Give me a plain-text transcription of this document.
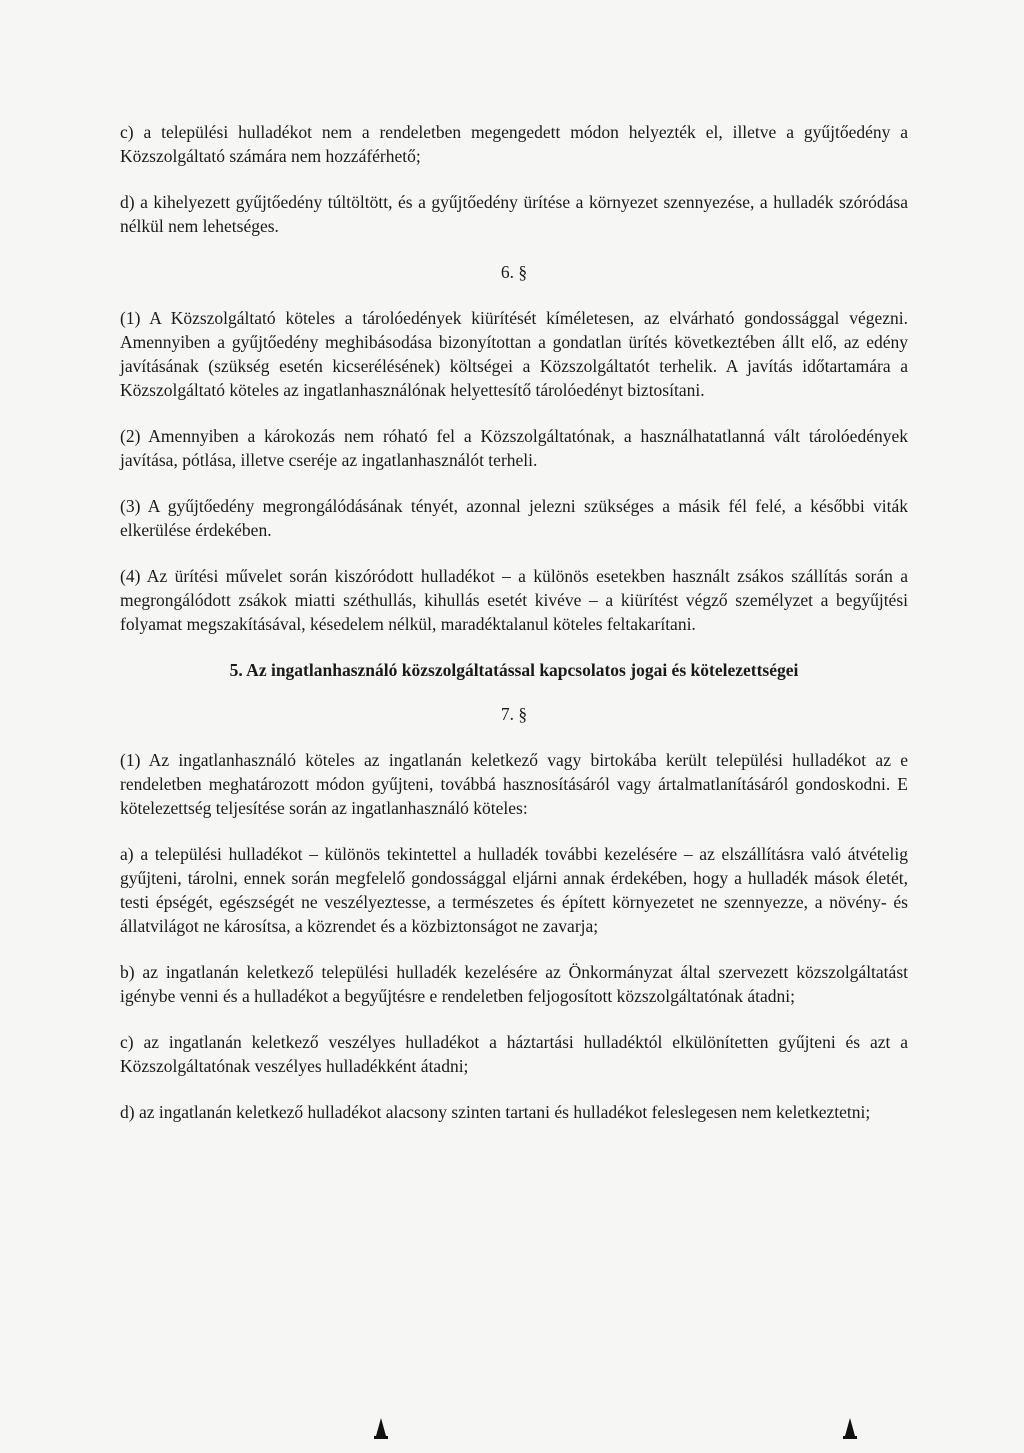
c) a települési hulladékot nem a rendeletben megengedett módon helyezték el, illetve a gyűjtőedény a Közszolgáltató számára nem hozzáférhető;

d) a kihelyezett gyűjtőedény túltöltött, és a gyűjtőedény ürítése a környezet szennyezése, a hulladék szóródása nélkül nem lehetséges.

6. §

(1) A Közszolgáltató köteles a tárolóedények kiürítését kíméletesen, az elvárható gondossággal végezni. Amennyiben a gyűjtőedény meghibásodása bizonyítottan a gondatlan ürítés következtében állt elő, az edény javításának (szükség esetén kicserélésének) költségei a Közszolgáltatót terhelik. A javítás időtartamára a Közszolgáltató köteles az ingatlanhasználónak helyettesítő tárolóedényt biztosítani.

(2) Amennyiben a károkozás nem róható fel a Közszolgáltatónak, a használhatatlanná vált tárolóedények javítása, pótlása, illetve cseréje az ingatlanhasználót terheli.

(3) A gyűjtőedény megrongálódásának tényét, azonnal jelezni szükséges a másik fél felé, a későbbi viták elkerülése érdekében.

(4) Az ürítési művelet során kiszóródott hulladékot – a különös esetekben használt zsákos szállítás során a megrongálódott zsákok miatti széthullás, kihullás esetét kivéve – a kiürítést végző személyzet a begyűjtési folyamat megszakításával, késedelem nélkül, maradéktalanul köteles feltakarítani.

5. Az ingatlanhasználó közszolgáltatással kapcsolatos jogai és kötelezettségei
7. §

(1) Az ingatlanhasználó köteles az ingatlanán keletkező vagy birtokába került települési hulladékot az e rendeletben meghatározott módon gyűjteni, továbbá hasznosításáról vagy ártalmatlanításáról gondoskodni. E kötelezettség teljesítése során az ingatlanhasználó köteles:

a) a települési hulladékot – különös tekintettel a hulladék további kezelésére – az elszállításra való átvételig gyűjteni, tárolni, ennek során megfelelő gondossággal eljárni annak érdekében, hogy a hulladék mások életét, testi épségét, egészségét ne veszélyeztesse, a természetes és épített környezetet ne szennyezze, a növény- és állatvilágot ne károsítsa, a közrendet és a közbiztonságot ne zavarja;

b) az ingatlanán keletkező települési hulladék kezelésére az Önkormányzat által szervezett közszolgáltatást igénybe venni és a hulladékot a begyűjtésre e rendeletben feljogosított közszolgáltatónak átadni;

c) az ingatlanán keletkező veszélyes hulladékot a háztartási hulladéktól elkülönítetten gyűjteni és azt a Közszolgáltatónak veszélyes hulladékként átadni;

d) az ingatlanán keletkező hulladékot alacsony szinten tartani és hulladékot feleslegesen nem keletkeztetni;
